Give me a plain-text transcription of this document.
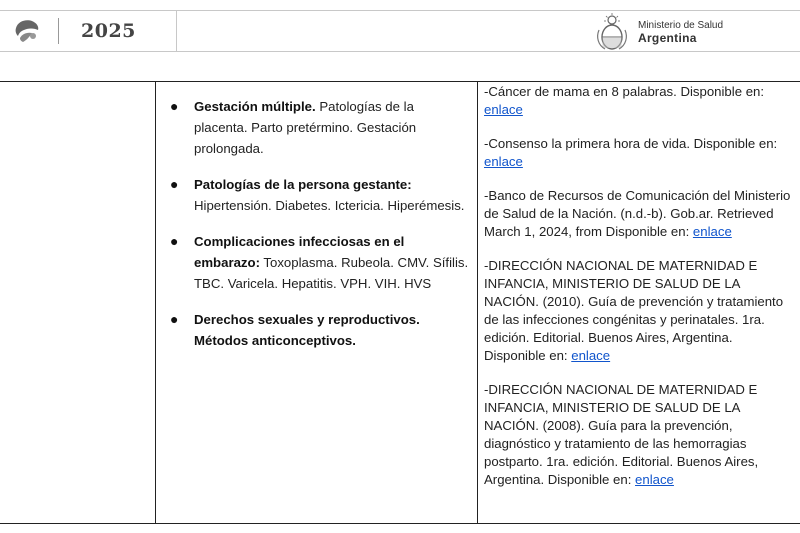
2025	Ministerio de Salud
Argentina

●	Gestación múltiple. Patologías de la placenta. Parto pretérmino. Gestación prolongada.
●	Patologías de la persona gestante: Hipertensión. Diabetes. Ictericia. Hiperémesis.
●	Complicaciones infecciosas en el embarazo: Toxoplasma. Rubeola. CMV. Sífilis. TBC. Varicela. Hepatitis. VPH. VIH. HVS
●	Derechos sexuales y reproductivos. Métodos anticonceptivos.

-Cáncer de mama en 8 palabras. Disponible en: enlace
-Consenso la primera hora de vida. Disponible en: enlace
-Banco de Recursos de Comunicación del Ministerio de Salud de la Nación. (n.d.-b). Gob.ar. Retrieved March 1, 2024, from Disponible en: enlace
-DIRECCIÓN NACIONAL DE MATERNIDAD E INFANCIA, MINISTERIO DE SALUD DE LA NACIÓN. (2010). Guía de prevención y tratamiento de las infecciones congénitas y perinatales. 1ra. edición. Editorial. Buenos Aires, Argentina. Disponible en: enlace
-DIRECCIÓN NACIONAL DE MATERNIDAD E INFANCIA, MINISTERIO DE SALUD DE LA NACIÓN. (2008). Guía para la prevención, diagnóstico y tratamiento de las hemorragias postparto. 1ra. edición. Editorial. Buenos Aires, Argentina. Disponible en: enlace
